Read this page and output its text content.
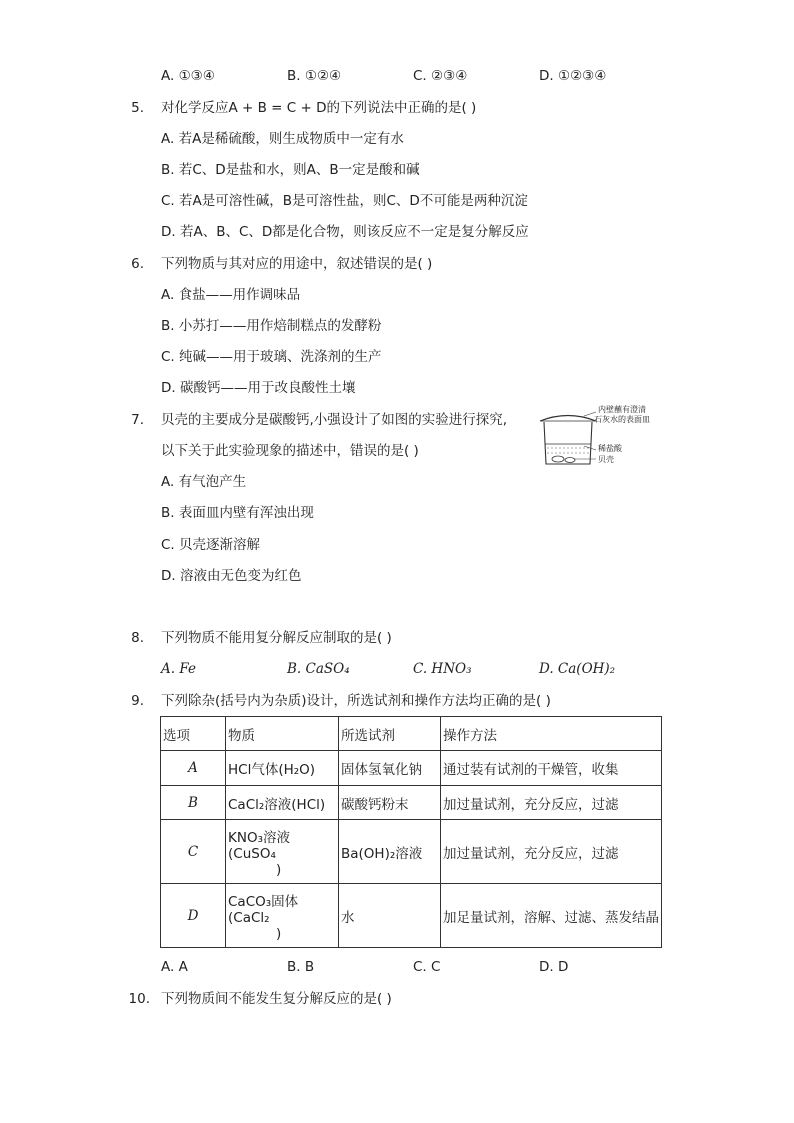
A. ①③④	B. ①②④	C. ②③④	D. ①②③④
5. 对化学反应A + B = C + D的下列说法中正确的是( )
A. 若A是稀硫酸，则生成物质中一定有水
B. 若C、D是盐和水，则A、B一定是酸和碱
C. 若A是可溶性碱，B是可溶性盐，则C、D不可能是两种沉淀
D. 若A、B、C、D都是化合物，则该反应不一定是复分解反应
6. 下列物质与其对应的用途中，叙述错误的是( )
A. 食盐——用作调味品
B. 小苏打——用作焙制糕点的发酵粉
C. 纯碱——用于玻璃、洗涤剂的生产
D. 碳酸钙——用于改良酸性土壤
7. 贝壳的主要成分是碳酸钙,小强设计了如图的实验进行探究,
以下关于此实验现象的描述中，错误的是( )
A. 有气泡产生
B. 表面皿内壁有浑浊出现
C. 贝壳逐渐溶解
D. 溶液由无色变为红色
内壁蘸有澄清
石灰水的表面皿
稀盐酸
贝壳
8. 下列物质不能用复分解反应制取的是( )
A. Fe	B. CaSO₄	C. HNO₃	D. Ca(OH)₂
9. 下列除杂(括号内为杂质)设计，所选试剂和操作方法均正确的是( )
选项	物质	所选试剂	操作方法
A	HCl气体(H₂O)	固体氢氧化钠	通过装有试剂的干燥管，收集
B	CaCl₂溶液(HCl)	碳酸钙粉末	加过量试剂，充分反应，过滤
C	KNO₃溶液(CuSO₄
)	Ba(OH)₂溶液	加过量试剂，充分反应，过滤
D	CaCO₃固体(CaCl₂
)	水	加足量试剂，溶解、过滤、蒸发结晶
A. A	B. B	C. C	D. D
10. 下列物质间不能发生复分解反应的是( )
